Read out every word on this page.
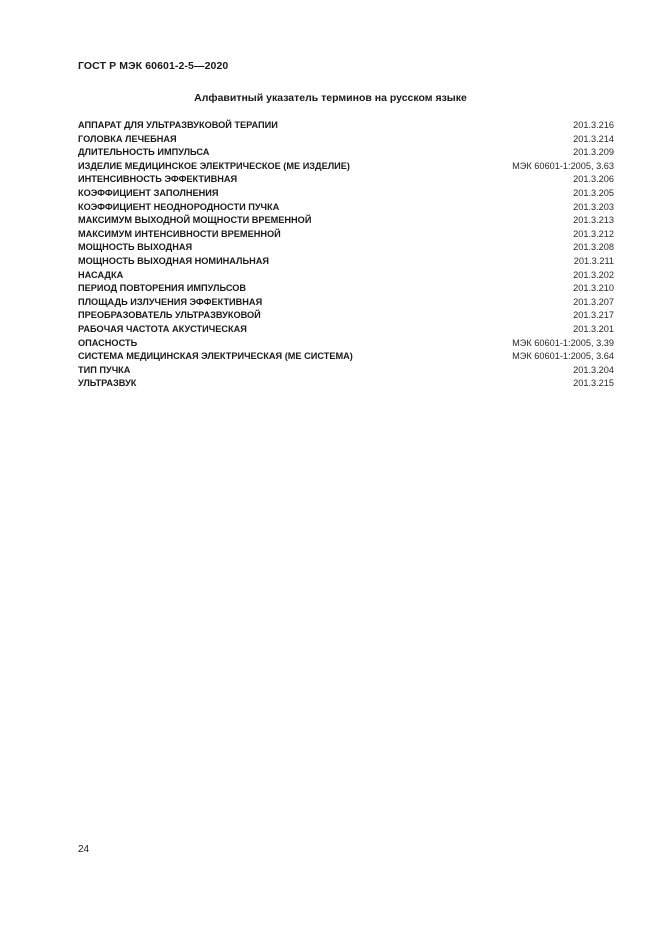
ГОСТ Р МЭК 60601-2-5—2020
Алфавитный указатель терминов на русском языке
АППАРАТ ДЛЯ УЛЬТРАЗВУКОВОЙ ТЕРАПИИ	201.3.216
ГОЛОВКА ЛЕЧЕБНАЯ	201.3.214
ДЛИТЕЛЬНОСТЬ ИМПУЛЬСА	201.3.209
ИЗДЕЛИЕ МЕДИЦИНСКОЕ ЭЛЕКТРИЧЕСКОЕ (МЕ ИЗДЕЛИЕ)	МЭК 60601-1:2005, 3.63
ИНТЕНСИВНОСТЬ ЭФФЕКТИВНАЯ	201.3.206
КОЭФФИЦИЕНТ ЗАПОЛНЕНИЯ	201.3.205
КОЭФФИЦИЕНТ НЕОДНОРОДНОСТИ ПУЧКА	201.3.203
МАКСИМУМ ВЫХОДНОЙ МОЩНОСТИ ВРЕМЕННОЙ	201.3.213
МАКСИМУМ ИНТЕНСИВНОСТИ ВРЕМЕННОЙ	201.3.212
МОЩНОСТЬ ВЫХОДНАЯ	201.3.208
МОЩНОСТЬ ВЫХОДНАЯ НОМИНАЛЬНАЯ	201.3.211
НАСАДКА	201.3.202
ПЕРИОД ПОВТОРЕНИЯ ИМПУЛЬСОВ	201.3.210
ПЛОЩАДЬ ИЗЛУЧЕНИЯ ЭФФЕКТИВНАЯ	201.3.207
ПРЕОБРАЗОВАТЕЛЬ УЛЬТРАЗВУКОВОЙ	201.3.217
РАБОЧАЯ ЧАСТОТА АКУСТИЧЕСКАЯ	201.3.201
ОПАСНОСТЬ	МЭК 60601-1:2005, 3.39
СИСТЕМА МЕДИЦИНСКАЯ ЭЛЕКТРИЧЕСКАЯ (МЕ СИСТЕМА)	МЭК 60601-1:2005, 3.64
ТИП ПУЧКА	201.3.204
УЛЬТРАЗВУК	201.3.215
24
